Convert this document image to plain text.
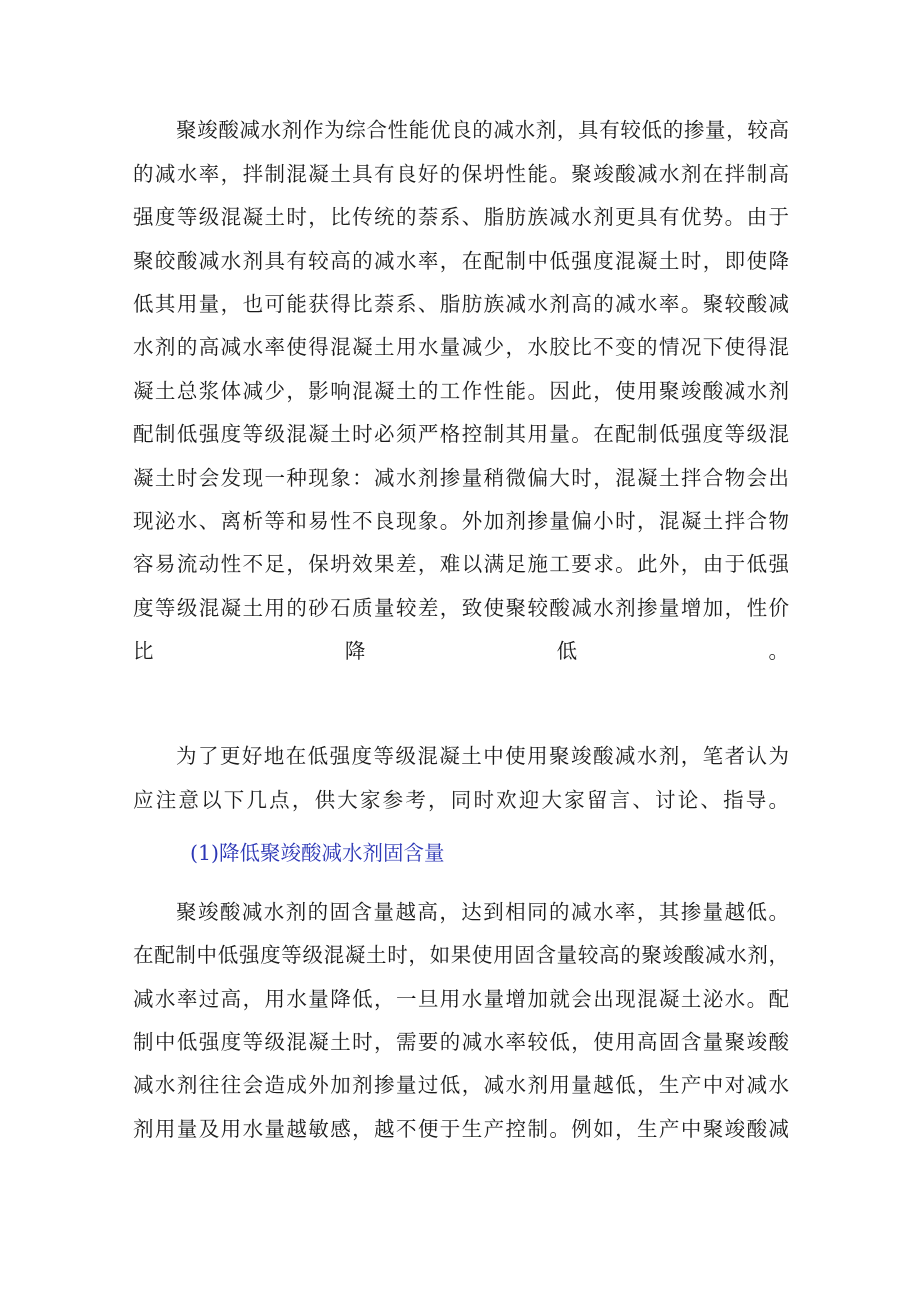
聚竣酸减水剂作为综合性能优良的减水剂，具有较低的掺量，较高
的减水率，拌制混凝土具有良好的保坍性能。聚竣酸减水剂在拌制高
强度等级混凝土时，比传统的萘系、脂肪族减水剂更具有优势。由于
聚皎酸减水剂具有较高的减水率，在配制中低强度混凝土时，即使降
低其用量，也可能获得比萘系、脂肪族减水剂高的减水率。聚较酸减
水剂的高减水率使得混凝土用水量减少，水胶比不变的情况下使得混
凝土总浆体减少，影响混凝土的工作性能。因此，使用聚竣酸减水剂
配制低强度等级混凝土时必须严格控制其用量。在配制低强度等级混
凝土时会发现一种现象：减水剂掺量稍微偏大时，混凝土拌合物会出
现泌水、离析等和易性不良现象。外加剂掺量偏小时，混凝土拌合物
容易流动性不足，保坍效果差，难以满足施工要求。此外，由于低强
度等级混凝土用的砂石质量较差，致使聚较酸减水剂掺量增加，性价
比降低。
为了更好地在低强度等级混凝土中使用聚竣酸减水剂，笔者认为
应注意以下几点，供大家参考，同时欢迎大家留言、讨论、指导。
(1)降低聚竣酸减水剂固含量
聚竣酸减水剂的固含量越高，达到相同的减水率，其掺量越低。
在配制中低强度等级混凝土时，如果使用固含量较高的聚竣酸减水剂，
减水率过高，用水量降低，一旦用水量增加就会出现混凝土泌水。配
制中低强度等级混凝土时，需要的减水率较低，使用高固含量聚竣酸
减水剂往往会造成外加剂掺量过低，减水剂用量越低，生产中对减水
剂用量及用水量越敏感，越不便于生产控制。例如，生产中聚竣酸减
